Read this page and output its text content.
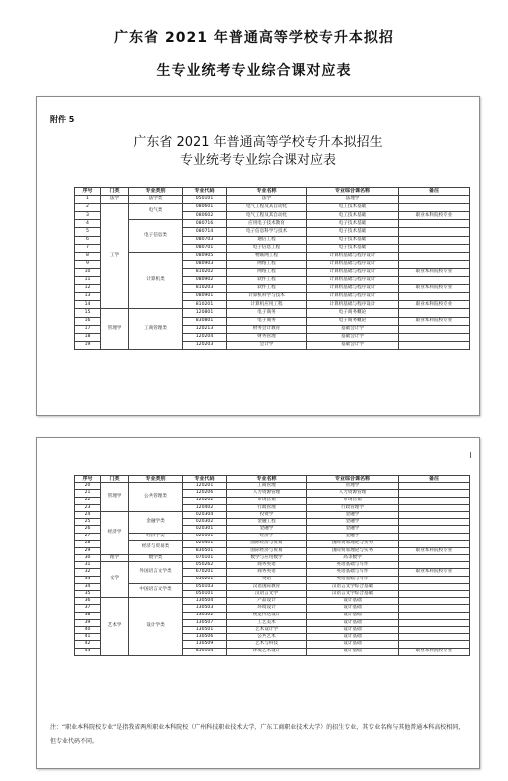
广东省 2021 年普通高等学校专升本拟招
生专业统考专业综合课对应表
附件 5
广东省 2021 年普通高等学校专升本拟招生
专业统考专业综合课对应表
序号	门类	专业类别	专业代码	专业名称	专业综合课名称	备注
1	法学	法学类	050101	法学	法理学	
2	工学	电气类	080601	电气工程及其自动化	电工技术基础	
3			080602	电气工程及其自动化	电工技术基础	职业本科院校专业
4		电子信息类	080716	应用电子技术教育	电子技术基础	
5			080714	电子信息科学与技术	电子技术基础	
6			080703	通信工程	电子技术基础	
7			080701	电子信息工程	电子技术基础	
8		计算机类	080905	物联网工程	计算机基础与程序设计	
9			080903	网络工程	计算机基础与程序设计	
10			810202	网络工程	计算机基础与程序设计	职业本科院校专业
11			080902	软件工程	计算机基础与程序设计	
12			810203	软件工程	计算机基础与程序设计	职业本科院校专业
13			080901	计算机科学与技术	计算机基础与程序设计	
14			810201	计算机应用工程	计算机基础与程序设计	职业本科院校专业
15	管理学	工商管理类	120801	电子商务	电子商务概论	
16			830801	电子商务	电子商务概论	职业本科院校专业
17			120213	财务会计教育	基础会计学	
18			120204	财务管理	基础会计学	
19			120203	会计学	基础会计学	
序号	门类	专业类别	专业代码	专业名称	专业综合课名称	备注
20	管理学	公共管理类	120201	工商管理	管理学	
21			120206	人力资源管理	人力资源管理	
22			120202	市场营销	市场营销	
23			120402	行政管理	行政管理学	
24	经济学	金融学类	020304	投资学	金融学	
25			020302	金融工程	金融学	
26			020301	金融学	金融学	
27		经济学类	020101	经济学	金融学	
28		经济与贸易类	020401	国际经济与贸易	国际贸易理论与实务	
29			830501	国际经济与贸易	国际贸易理论与实务	职业本科院校专业
30	理学	数学类	070101	数学与应用数学	高等数学	
31	文学	外国语言文学类	050262	商务英语	英语基础与写作	
32			670201	商务英语	英语基础与写作	职业本科院校专业
33			050201	英语	英语基础与写作	
34		中国语言文学类	050103	汉语国际教育	汉语言文学综合基础	
35			050101	汉语言文学	汉语言文学综合基础	
36	艺术学	设计学类	130504	产品设计	设计基础	
37			130503	环境设计	设计基础	
38			130502	视觉传达设计	设计基础	
39			130507	工艺美术	设计基础	
40			130501	艺术设计学	设计基础	
41			130506	公共艺术	设计基础	
42			130509	艺术与科技	设计基础	
43			850104	环境艺术设计	设计基础	职业本科院校专业
注：“职业本科院校专业”是指我省两所职业本科院校（广州科技职业技术大学、广东工商职业技术大学）的招生专业，其专业名称与其他普通本科高校相同，但专业代码不同。
